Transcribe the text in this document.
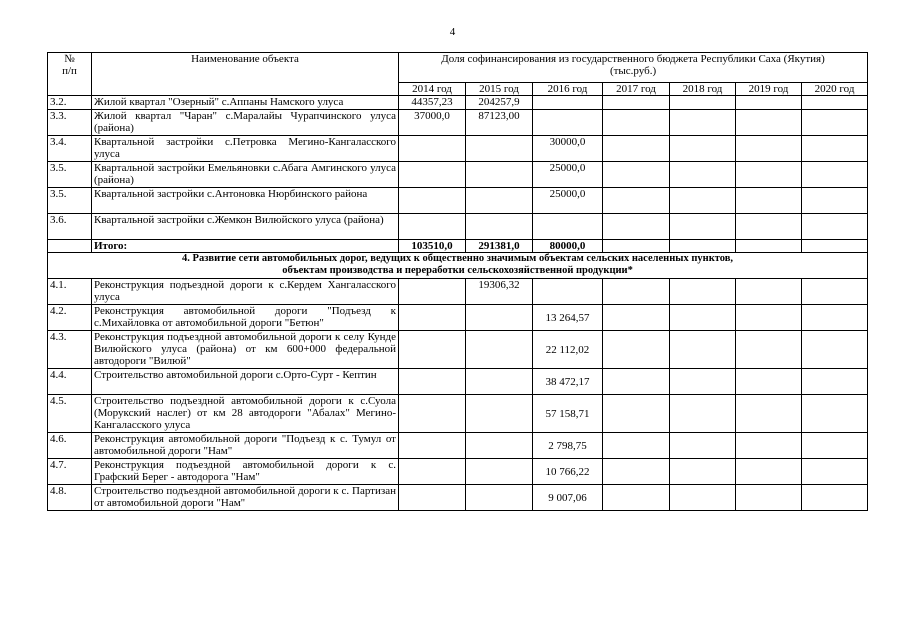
4
№
п/п	Наименование объекта	Доля софинансирования из государственного бюджета Республики Саха (Якутия)
(тыс.руб.)						
		2014 год	2015 год	2016 год	2017 год	2018 год	2019 год	2020 год
3.2.	Жилой квартал "Озерный" с.Аппаны Намского улуса	44357,23	204257,9					
3.3.	Жилой квартал "Чаран" с.Маралайы Чурапчинского улуса (района)	37000,0	87123,00					
3.4.	Квартальной застройки с.Петровка Мегино-Кангаласского улуса			30000,0				
3.5.	Квартальной застройки Емельяновки с.Абага Амгинского улуса (района)			25000,0				
3.5.	Квартальной застройки с.Антоновка Нюрбинского района			25000,0				
3.6.	Квартальной застройки с.Жемкон Вилюйского улуса (района)							
	Итого:	103510,0	291381,0	80000,0				

4. Развитие сети автомобильных дорог, ведущих к общественно значимым объектам сельских населенных пунктов,
объектам производства и переработки сельскохозяйственной продукции*								

4.1.	Реконструкция подъездной дороги к с.Кердем Хангаласского улуса		19306,32					
4.2.	Реконструкция автомобильной дороги "Подъезд к с.Михайловка от автомобильной дороги "Бетюн"			13 264,57				
4.3.	Реконструкция подъездной автомобильной дороги к селу Кунде Вилюйского улуса (района) от км 600+000 федеральной автодороги "Вилюй"			22 112,02				
4.4.	Строительство автомобильной дороги с.Орто-Сурт - Кептин			38 472,17				
4.5.	Строительство подъездной автомобильной дороги к с.Суола (Морукский наслег) от км 28 автодороги "Абалах" Мегино-Кангаласского улуса			57 158,71				
4.6.	Реконструкция автомобильной дороги "Подъезд к с. Тумул от автомобильной дороги "Нам"			2 798,75				
4.7.	Реконструкция подъездной автомобильной дороги к с. Графский Берег - автодорога "Нам"			10 766,22				
4.8.	Строительство подъездной автомобильной дороги к с. Партизан от автомобильной дороги "Нам"			9 007,06				
